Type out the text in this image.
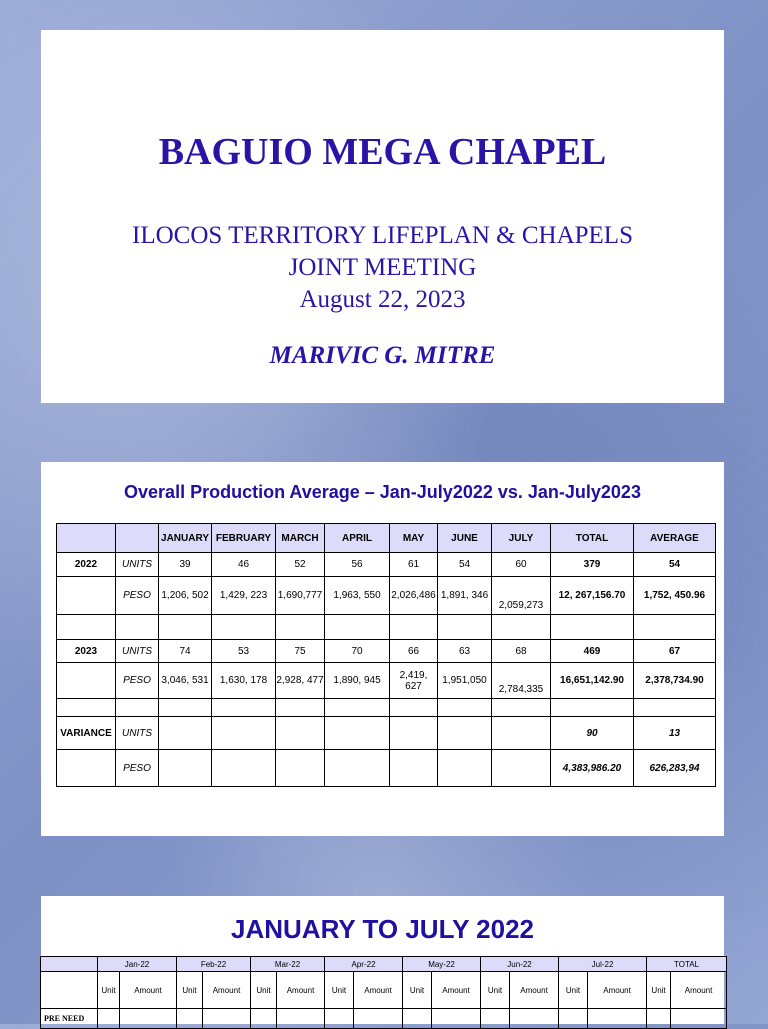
BAGUIO MEGA CHAPEL
ILOCOS TERRITORY LIFEPLAN & CHAPELS
JOINT MEETING
August 22, 2023
MARIVIC G. MITRE
Overall Production Average – Jan-July2022 vs. Jan-July2023
		JANUARY	FEBRUARY	MARCH	APRIL	MAY	JUNE	JULY	TOTAL	AVERAGE
2022	UNITS	39	46	52	56	61	54	60	379	54
	PESO	1,206, 502	1,429, 223	1,690,777	1,963, 550	2,026,486	1,891, 346	2,059,273	12, 267,156.70	1,752, 450.96

2023	UNITS	74	53	75	70	66	63	68	469	67
	PESO	3,046, 531	1,630, 178	2,928, 477	1,890, 945	2,419, 627	1,951,050	2,784,335	16,651,142.90	2,378,734.90

VARIANCE	UNITS								90	13
	PESO								4,383,986.20	626,283,94
JANUARY TO JULY 2022
	Jan-22		Feb-22		Mar-22		Apr-22		May-22		Jun-22		Jul-22		TOTAL	
	Unit	Amount	Unit	Amount	Unit	Amount	Unit	Amount	Unit	Amount	Unit	Amount	Unit	Amount	Unit	Amount
PRE NEED																
